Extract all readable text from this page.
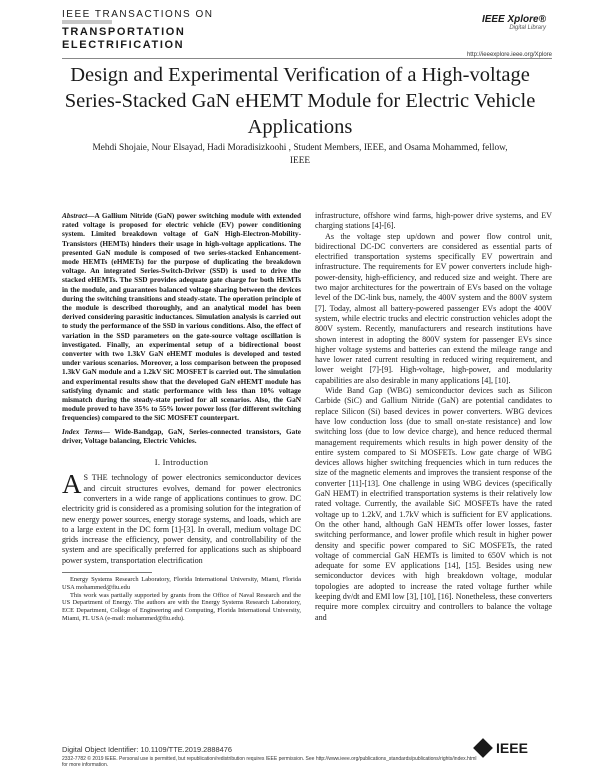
IEEE TRANSACTIONS ON
TRANSPORTATION
ELECTRIFICATION
IEEE Xplore®
Digital Library
http://ieeexplore.ieee.org/Xplore
Design and Experimental Verification of a High-voltage Series-Stacked GaN eHEMT Module for Electric Vehicle Applications
Mehdi Shojaie, Nour Elsayad, Hadi Moradisizkoohi , Student Members, IEEE, and Osama Mohammed, fellow,
IEEE
Abstract—A Gallium Nitride (GaN) power switching module with extended rated voltage is proposed for electric vehicle (EV) power conditioning system. Limited breakdown voltage of GaN High-Electron-Mobility-Transistors (HEMTs) hinders their usage in high-voltage applications. The presented GaN module is composed of two series-stacked Enhancement-mode HEMTs (eHMETs) for the purpose of duplicating the breakdown voltage. An integrated Series-Switch-Driver (SSD) is used to drive the stacked eHEMTs. The SSD provides adequate gate charge for both HEMTs in the module, and guarantees balanced voltage sharing between the devices during the switching transitions and steady-state. The operation principle of the module is described thoroughly, and an analytical model has been derived considering parasitic inductances. Simulation analysis is carried out to study the performance of the SSD in various conditions. Also, the effect of variation in the SSD parameters on the gate-source voltage oscillation is investigated. Finally, an experimental setup of a bidirectional boost converter with two 1.3kV GaN eHEMT modules is developed and tested under various scenarios. Moreover, a loss comparison between the proposed 1.3kV GaN module and a 1.2kV SiC MOSFET is carried out. The simulation and experimental results show that the developed GaN eHEMT module has satisfying dynamic and static performance with less than 10% voltage mismatch during the steady-state period for all scenarios. Also, the GaN module proved to have 35% to 55% lower power loss (for different switching frequencies) compared to the SiC MOSFET counterpart.
Index Terms— Wide-Bandgap, GaN, Series-connected transistors, Gate driver, Voltage balancing, Electric Vehicles.
I. Introduction

AS THE technology of power electronics semiconductor devices and circuit structures evolves, demand for power electronics converters in a wide range of applications continues to grow. DC electricity grid is considered as a promising solution for the integration of new energy power sources, energy storage systems, and loads, which are to a large extent in the DC form [1]-[3]. In overall, medium voltage DC grids increase the efficiency, power density, and controllability of the system and are specifically preferred for applications such as shipboard power system, transportation electrification

Energy Systems Research Laboratory, Florida International University, Miami, Florida USA mohammed@fiu.edu

This work was partially supported by grants from the Office of Naval Research and the US Department of Energy. The authors are with the Energy Systems Research Laboratory, ECE Department, College of Engineering and Computing, Florida International University, Miami, FL USA (e-mail: mohammed@fiu.edu).

infrastructure, offshore wind farms, high-power drive systems, and EV charging stations [4]-[6].

As the voltage step up/down and power flow control unit, bidirectional DC-DC converters are considered as essential parts of electrified transportation systems specifically EV powertrain and infrastructure. The requirements for EV power converters include high-power-density, high-efficiency, and reduced size and weight. There are two major architectures for the powertrain of EVs based on the voltage level of the DC-link bus, namely, the 400V system and the 800V system [7]. Today, almost all battery-powered passenger EVs adopt the 400V system, while electric trucks and electric construction vehicles adopt the 800V system. Recently, manufacturers and research institutions have shown interest in adopting the 800V system for passenger EVs since higher voltage systems and batteries can extend the mileage range and have lower rated current resulting in reduced wiring requirement, and lower weight [7]-[9]. High-voltage, high-power, and modularity capabilities are also desirable in many applications [4], [10].

Wide Band Gap (WBG) semiconductor devices such as Silicon Carbide (SiC) and Gallium Nitride (GaN) are potential candidates to replace Silicon (Si) based devices in power converters. WBG devices have low conduction loss (due to small on-state resistance) and low switching loss (due to low device charge), and hence reduced thermal management requirements which results in high power density of the entire system compared to Si MOSFETs. Low gate charge of WBG devices allows higher switching frequencies which in turn reduces the size of the magnetic elements and improves the transient response of the converter [11]-[13]. One challenge in using WBG devices (specifically GaN HEMT) in electrified transportation systems is their relatively low rated voltage. Currently, the available SiC MOSFETs have the rated voltage up to 1.2kV, and 1.7kV which is sufficient for EV applications. On the other hand, although GaN HEMTs offer lower losses, faster switching performance, and lower profile which result in higher power density and specific power compared to SiC MOSFETs, the rated voltage of commercial GaN HEMTs is limited to 650V which is not adequate for some EV applications [14], [15]. Besides using new semiconductor devices with high breakdown voltage, modular topologies are adopted to increase the rated voltage further while keeping dv/dt and EMI low [3], [10], [16]. Nonetheless, these converters require more complex circuitry and controllers to balance the voltage and

Digital Object Identifier: 10.1109/TTE.2019.2888476
2332-7782 © 2019 IEEE. Personal use is permitted, but republication/redistribution requires IEEE permission. See http://www.ieee.org/publications_standards/publications/rights/index.html for more information.
IEEE
